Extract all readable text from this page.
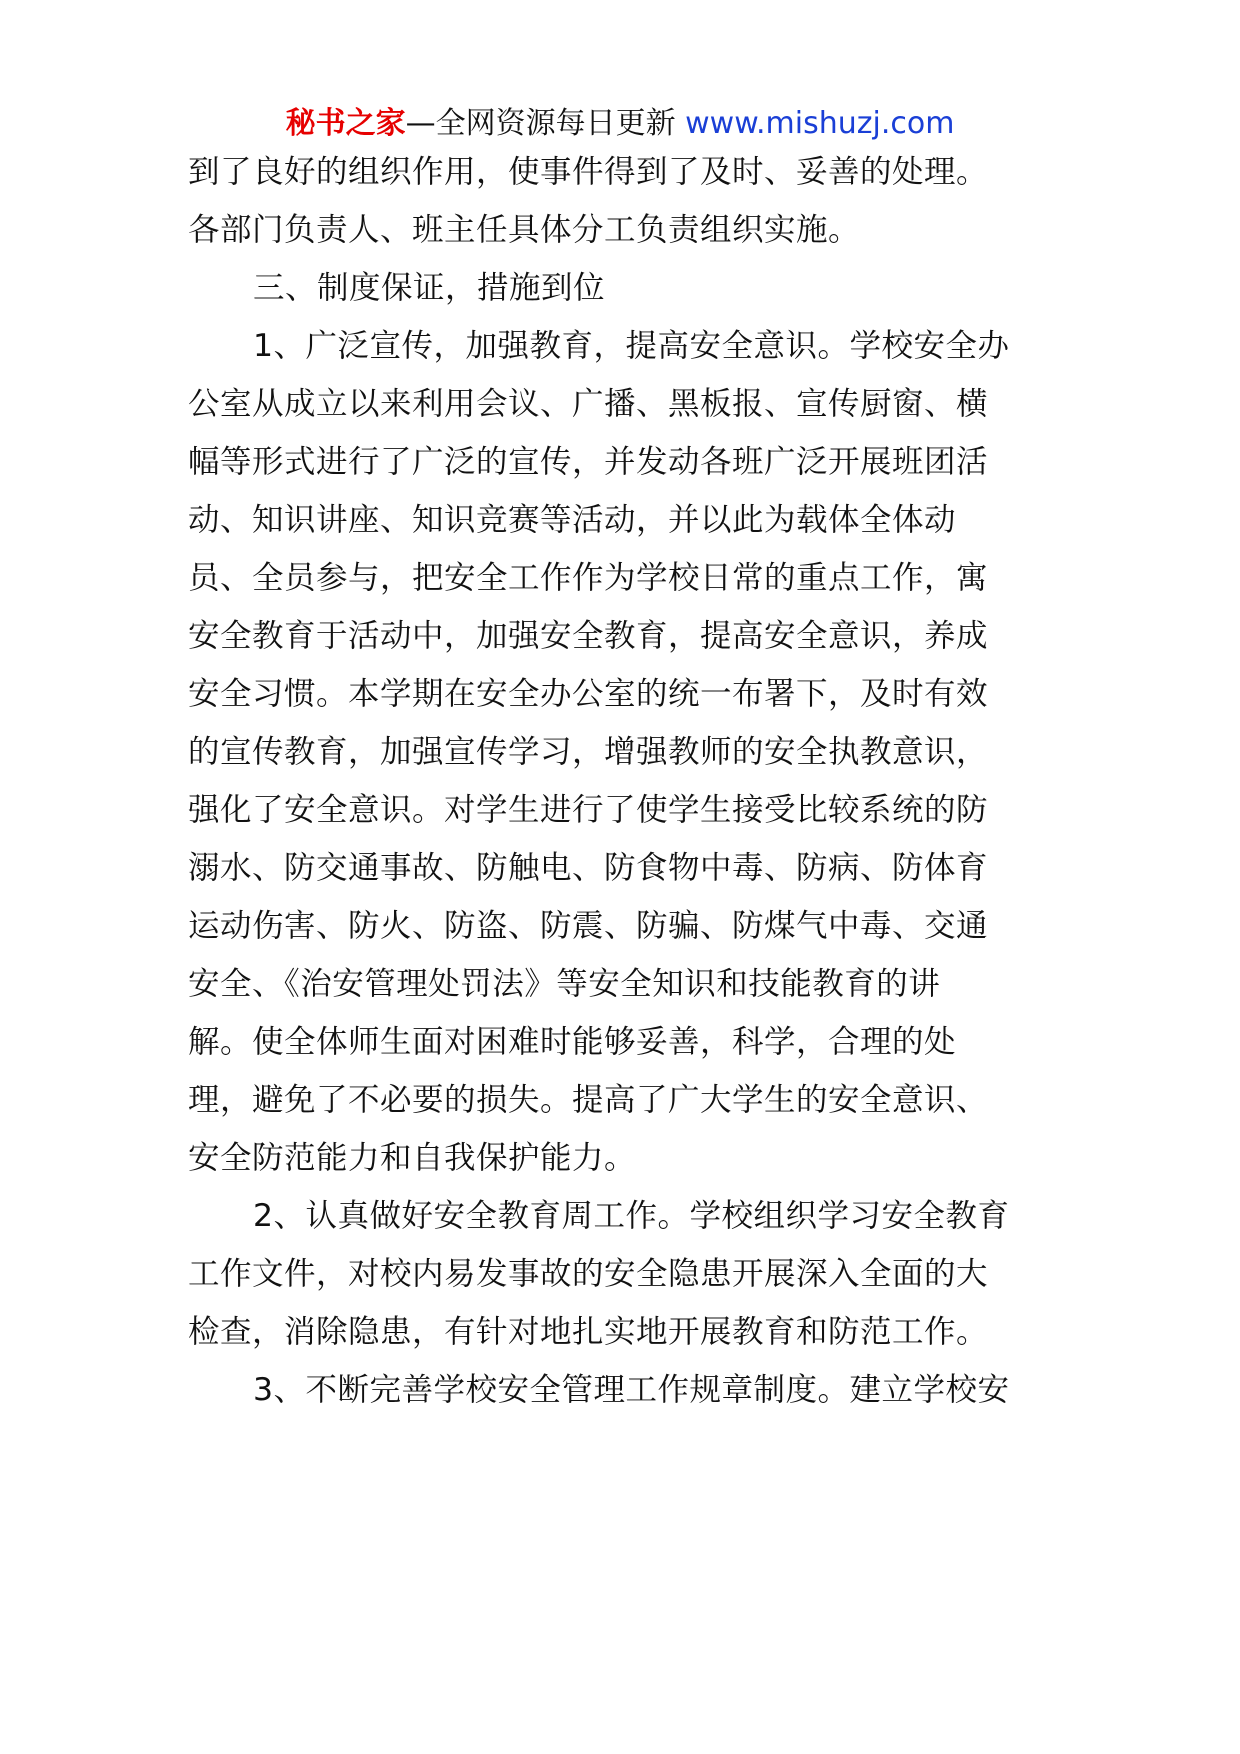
秘书之家—全网资源每日更新 www.mishuzj.com
到了良好的组织作用，使事件得到了及时、妥善的处理。
各部门负责人、班主任具体分工负责组织实施。
三、制度保证，措施到位
1、广泛宣传，加强教育，提高安全意识。学校安全办
公室从成立以来利用会议、广播、黑板报、宣传厨窗、横
幅等形式进行了广泛的宣传，并发动各班广泛开展班团活
动、知识讲座、知识竞赛等活动，并以此为载体全体动
员、全员参与，把安全工作作为学校日常的重点工作，寓
安全教育于活动中，加强安全教育，提高安全意识，养成
安全习惯。本学期在安全办公室的统一布署下，及时有效
的宣传教育，加强宣传学习，增强教师的安全执教意识，
强化了安全意识。对学生进行了使学生接受比较系统的防
溺水、防交通事故、防触电、防食物中毒、防病、防体育
运动伤害、防火、防盗、防震、防骗、防煤气中毒、交通
安全、《治安管理处罚法》等安全知识和技能教育的讲
解。使全体师生面对困难时能够妥善，科学，合理的处
理，避免了不必要的损失。提高了广大学生的安全意识、
安全防范能力和自我保护能力。
2、认真做好安全教育周工作。学校组织学习安全教育
工作文件，对校内易发事故的安全隐患开展深入全面的大
检查，消除隐患，有针对地扎实地开展教育和防范工作。
3、不断完善学校安全管理工作规章制度。建立学校安
